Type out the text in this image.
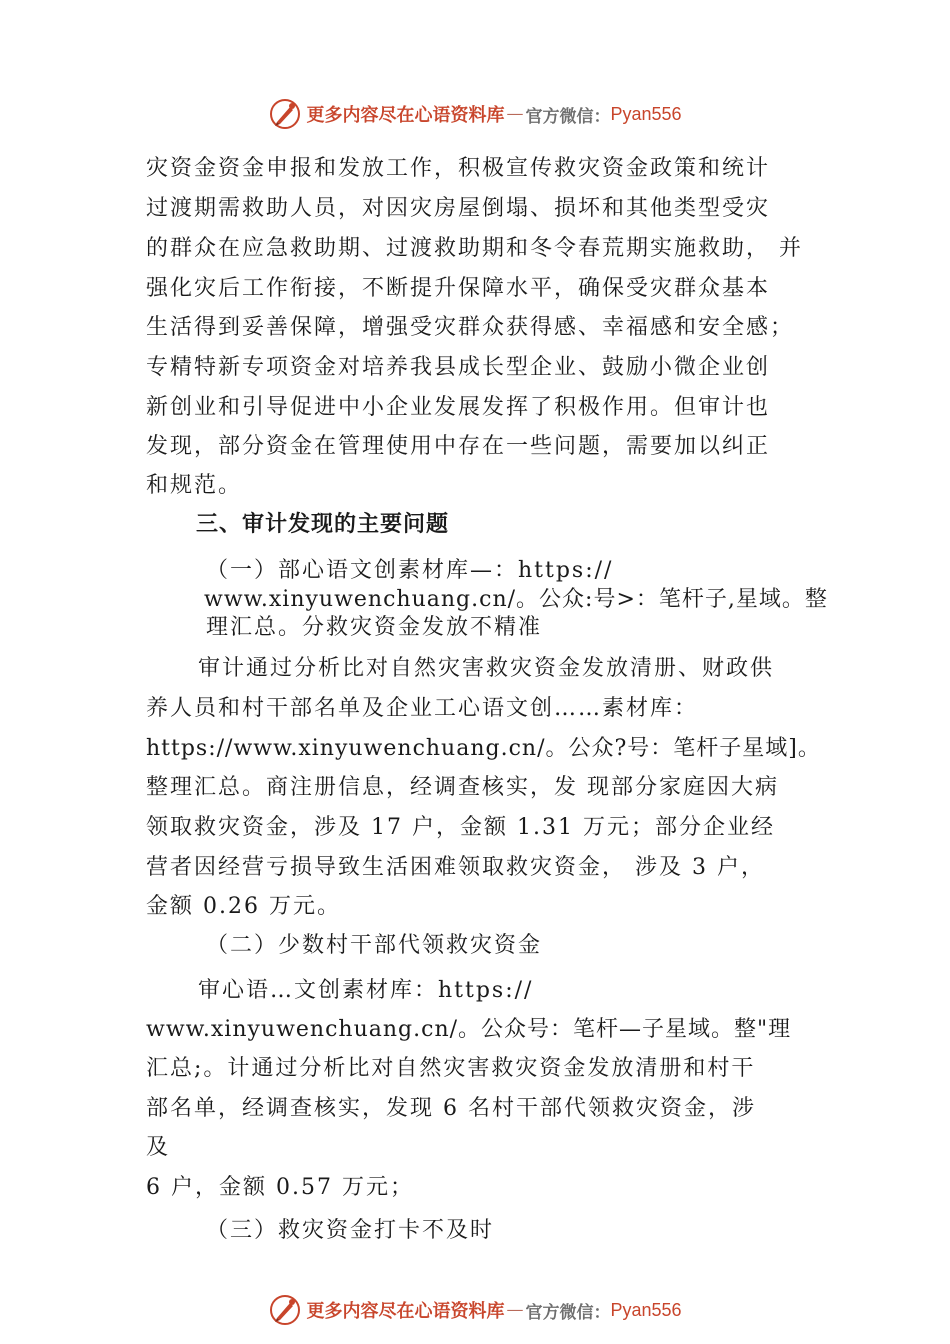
更多内容尽在心语资料库 — 官方微信： Pyan556
灾资金资金申报和发放工作，积极宣传救灾资金政策和统计
过渡期需救助人员，对因灾房屋倒塌、损坏和其他类型受灾
的群众在应急救助期、过渡救助期和冬令春荒期实施救助， 并
强化灾后工作衔接，不断提升保障水平，确保受灾群众基本
生活得到妥善保障，增强受灾群众获得感、幸福感和安全感；
专精特新专项资金对培养我县成长型企业、鼓励小微企业创
新创业和引导促进中小企业发展发挥了积极作用。但审计也
发现，部分资金在管理使用中存在一些问题，需要加以纠正
和规范。
三、审计发现的主要问题
（一）部心语文创素材库—：https://
www.xinyuwenchuang.cn/。公众:号>：笔杆子,星域。整
理汇总。分救灾资金发放不精准
审计通过分析比对自然灾害救灾资金发放清册、财政供
养人员和村干部名单及企业工心语文创……素材库：
https://www.xinyuwenchuang.cn/。公众?号：笔杆子星域]。
整理汇总。商注册信息，经调查核实，发 现部分家庭因大病
领取救灾资金，涉及 17 户，金额 1.31 万元；部分企业经
营者因经营亏损导致生活困难领取救灾资金， 涉及 3 户，
金额 0.26 万元。
（二）少数村干部代领救灾资金
审心语…文创素材库：https://
www.xinyuwenchuang.cn/。公众号：笔杆—子星域。整"理
汇总;。计通过分析比对自然灾害救灾资金发放清册和村干
部名单，经调查核实，发现 6 名村干部代领救灾资金，涉
及
6 户，金额 0.57 万元；
（三）救灾资金打卡不及时
更多内容尽在心语资料库 — 官方微信： Pyan556
